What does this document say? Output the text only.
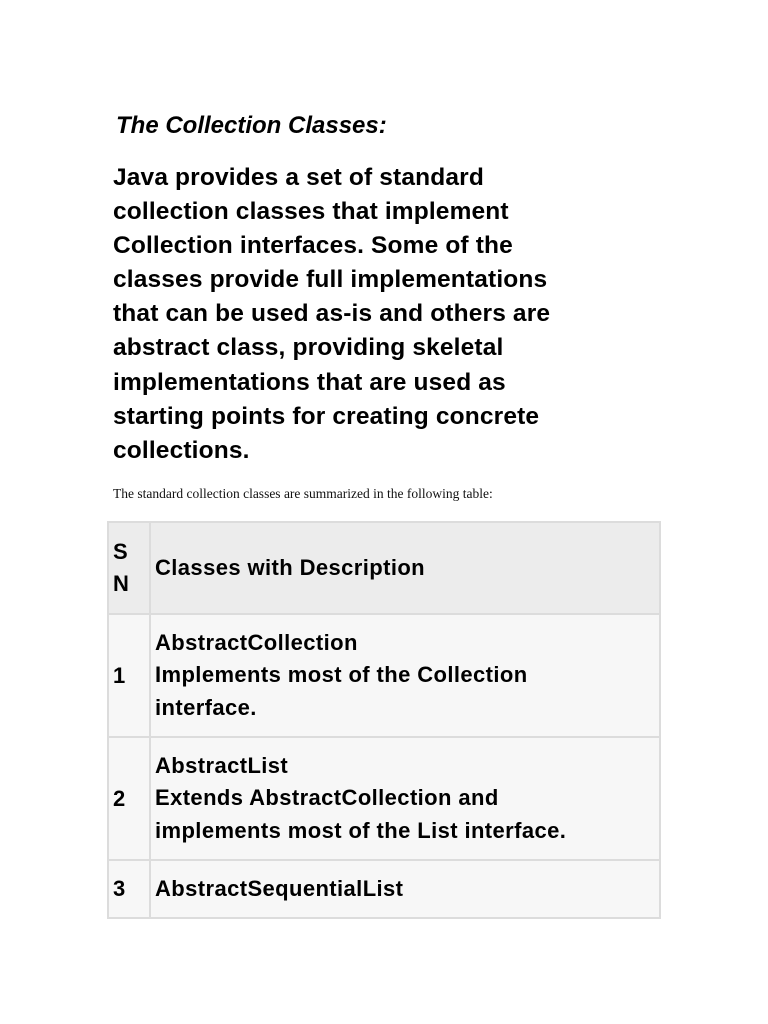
The Collection Classes:

Java provides a set of standard
collection classes that implement
Collection interfaces. Some of the
classes provide full implementations
that can be used as-is and others are
abstract class, providing skeletal
implementations that are used as
starting points for creating concrete
collections.

The standard collection classes are summarized in the following table:

SN	Classes with Description
1	AbstractCollection
Implements most of the Collection
interface.

2	AbstractList
Extends AbstractCollection and
implements most of the List interface.

3	AbstractSequentialList
